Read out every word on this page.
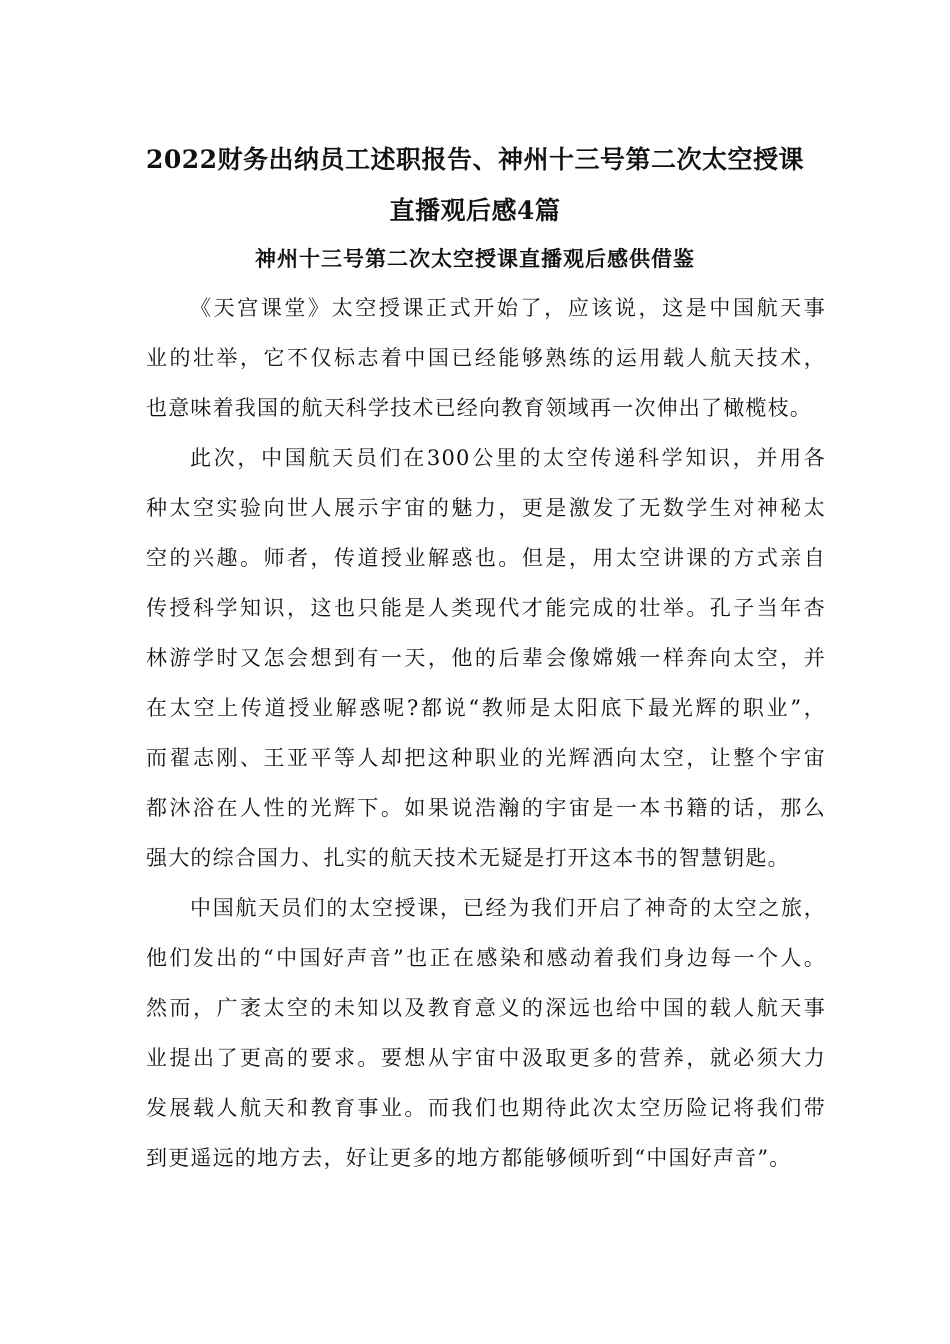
2022财务出纳员工述职报告、神州十三号第二次太空授课
直播观后感4篇
神州十三号第二次太空授课直播观后感供借鉴
《天宫课堂》太空授课正式开始了，应该说，这是中国航天事
业的壮举，它不仅标志着中国已经能够熟练的运用载人航天技术，
也意味着我国的航天科学技术已经向教育领域再一次伸出了橄榄枝。
此次，中国航天员们在300公里的太空传递科学知识，并用各
种太空实验向世人展示宇宙的魅力，更是激发了无数学生对神秘太
空的兴趣。师者，传道授业解惑也。但是，用太空讲课的方式亲自
传授科学知识，这也只能是人类现代才能完成的壮举。孔子当年杏
林游学时又怎会想到有一天，他的后辈会像嫦娥一样奔向太空，并
在太空上传道授业解惑呢?都说“教师是太阳底下最光辉的职业”，
而翟志刚、王亚平等人却把这种职业的光辉洒向太空，让整个宇宙
都沐浴在人性的光辉下。如果说浩瀚的宇宙是一本书籍的话，那么
强大的综合国力、扎实的航天技术无疑是打开这本书的智慧钥匙。
中国航天员们的太空授课，已经为我们开启了神奇的太空之旅，
他们发出的“中国好声音”也正在感染和感动着我们身边每一个人。
然而，广袤太空的未知以及教育意义的深远也给中国的载人航天事
业提出了更高的要求。要想从宇宙中汲取更多的营养，就必须大力
发展载人航天和教育事业。而我们也期待此次太空历险记将我们带
到更遥远的地方去，好让更多的地方都能够倾听到“中国好声音”。
